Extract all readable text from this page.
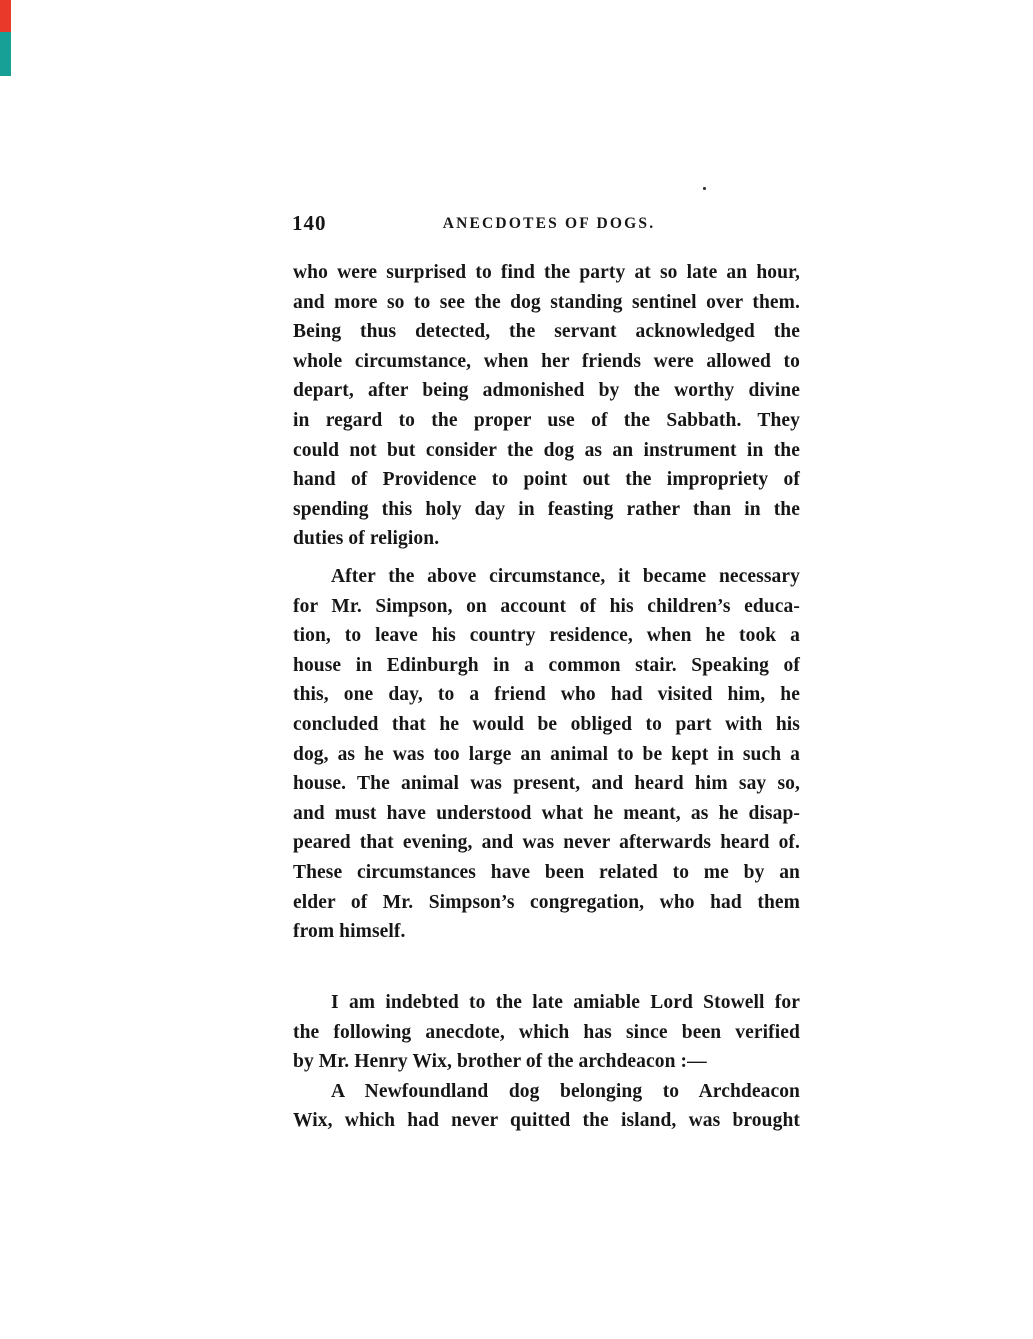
140	ANECDOTES OF DOGS.
who were surprised to find the party at so late an hour,
and more so to see the dog standing sentinel over them.
Being thus detected, the servant acknowledged the
whole circumstance, when her friends were allowed to
depart, after being admonished by the worthy divine
in regard to the proper use of the Sabbath. They
could not but consider the dog as an instrument in the
hand of Providence to point out the impropriety of
spending this holy day in feasting rather than in the
duties of religion.
After the above circumstance, it became necessary
for Mr. Simpson, on account of his children’s educa-
tion, to leave his country residence, when he took a
house in Edinburgh in a common stair. Speaking of
this, one day, to a friend who had visited him, he
concluded that he would be obliged to part with his
dog, as he was too large an animal to be kept in such a
house. The animal was present, and heard him say so,
and must have understood what he meant, as he disap-
peared that evening, and was never afterwards heard of.
These circumstances have been related to me by an
elder of Mr. Simpson’s congregation, who had them
from himself.
I am indebted to the late amiable Lord Stowell for
the following anecdote, which has since been verified
by Mr. Henry Wix, brother of the archdeacon :—
A Newfoundland dog belonging to Archdeacon
Wix, which had never quitted the island, was brought
